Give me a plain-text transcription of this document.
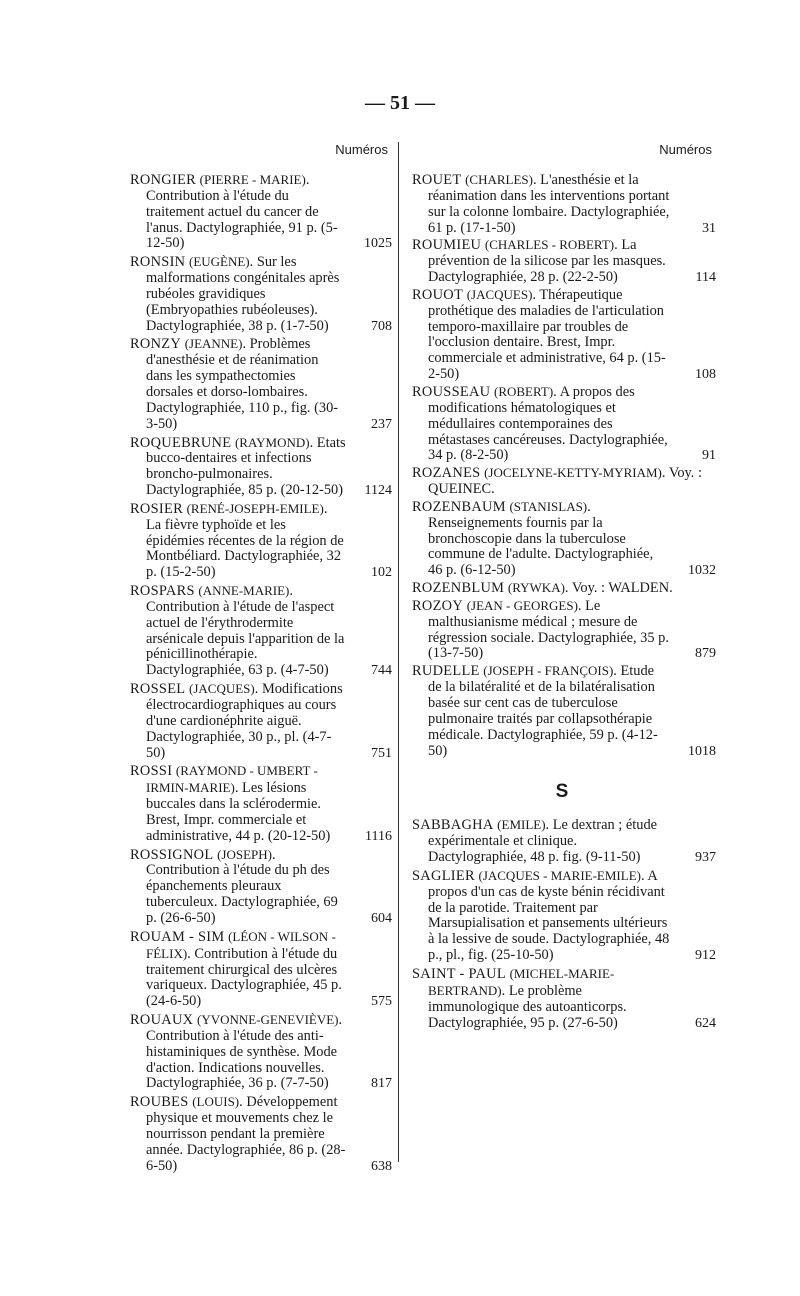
— 51 —
Numéros

RONGIER (PIERRE - MARIE). Contribution à l'étude du traitement actuel du cancer de l'anus. Dactylographiée, 91 p. (5-12-50)	1025

RONSIN (EUGÈNE). Sur les malformations congénitales après rubéoles gravidiques (Embryopathies rubéoleuses). Dactylographiée, 38 p. (1-7-50)	708

RONZY (JEANNE). Problèmes d'anesthésie et de réanimation dans les sympathectomies dorsales et dorso-lombaires. Dactylographiée, 110 p., fig. (30-3-50)	237

ROQUEBRUNE (RAYMOND). Etats bucco-dentaires et infections broncho-pulmonaires. Dactylographiée, 85 p. (20-12-50)	1124

ROSIER (RENÉ-JOSEPH-EMILE). La fièvre typhoïde et les épidémies récentes de la région de Montbéliard. Dactylographiée, 32 p. (15-2-50)	102

ROSPARS (ANNE-MARIE). Contribution à l'étude de l'aspect actuel de l'érythrodermite arsénicale depuis l'apparition de la pénicillinothérapie. Dactylographiée, 63 p. (4-7-50)	744

ROSSEL (JACQUES). Modifications électrocardiographiques au cours d'une cardionéphrite aiguë. Dactylographiée, 30 p., pl. (4-7-50)	751

ROSSI (RAYMOND - UMBERT - IRMIN-MARIE). Les lésions buccales dans la sclérodermie. Brest, Impr. commerciale et administrative, 44 p. (20-12-50)	1116

ROSSIGNOL (JOSEPH). Contribution à l'étude du ph des épanchements pleuraux tuberculeux. Dactylographiée, 69 p. (26-6-50)	604

ROUAM - SIM (LÉON - WILSON - FÉLIX). Contribution à l'étude du traitement chirurgical des ulcères variqueux. Dactylographiée, 45 p. (24-6-50)	575

ROUAUX (YVONNE-GENEVIÈVE). Contribution à l'étude des anti-histaminiques de synthèse. Mode d'action. Indications nouvelles. Dactylographiée, 36 p. (7-7-50)	817

ROUBES (LOUIS). Développement physique et mouvements chez le nourrisson pendant la première année. Dactylographiée, 86 p. (28-6-50)	638
Numéros

ROUET (CHARLES). L'anesthésie et la réanimation dans les interventions portant sur la colonne lombaire. Dactylographiée, 61 p. (17-1-50)	31

ROUMIEU (CHARLES - ROBERT). La prévention de la silicose par les masques. Dactylographiée, 28 p. (22-2-50)	114

ROUOT (JACQUES). Thérapeutique prothétique des maladies de l'articulation temporo-maxillaire par troubles de l'occlusion dentaire. Brest, Impr. commerciale et administrative, 64 p. (15-2-50)	108

ROUSSEAU (ROBERT). A propos des modifications hématologiques et médullaires contemporaines des métastases cancéreuses. Dactylographiée, 34 p. (8-2-50)	91

ROZANES (JOCELYNE-KETTY-MYRIAM). Voy. : QUEINEC.

ROZENBAUM (STANISLAS). Renseignements fournis par la bronchoscopie dans la tuberculose commune de l'adulte. Dactylographiée, 46 p. (6-12-50)	1032

ROZENBLUM (RYWKA). Voy. : WALDEN.

ROZOY (JEAN - GEORGES). Le malthusianisme médical ; mesure de régression sociale. Dactylographiée, 35 p. (13-7-50)	879

RUDELLE (JOSEPH - FRANÇOIS). Etude de la bilatéralité et de la bilatéralisation basée sur cent cas de tuberculose pulmonaire traités par collapsothérapie médicale. Dactylographiée, 59 p. (4-12-50)	1018
S

SABBAGHA (EMILE). Le dextran ; étude expérimentale et clinique. Dactylographiée, 48 p. fig. (9-11-50)	937

SAGLIER (JACQUES - MARIE-EMILE). A propos d'un cas de kyste bénin récidivant de la parotide. Traitement par Marsupialisation et pansements ultérieurs à la lessive de soude. Dactylographiée, 48 p., pl., fig. (25-10-50)	912

SAINT - PAUL (MICHEL-MARIE-BERTRAND). Le problème immunologique des autoanticorps. Dactylographiée, 95 p. (27-6-50)	624
